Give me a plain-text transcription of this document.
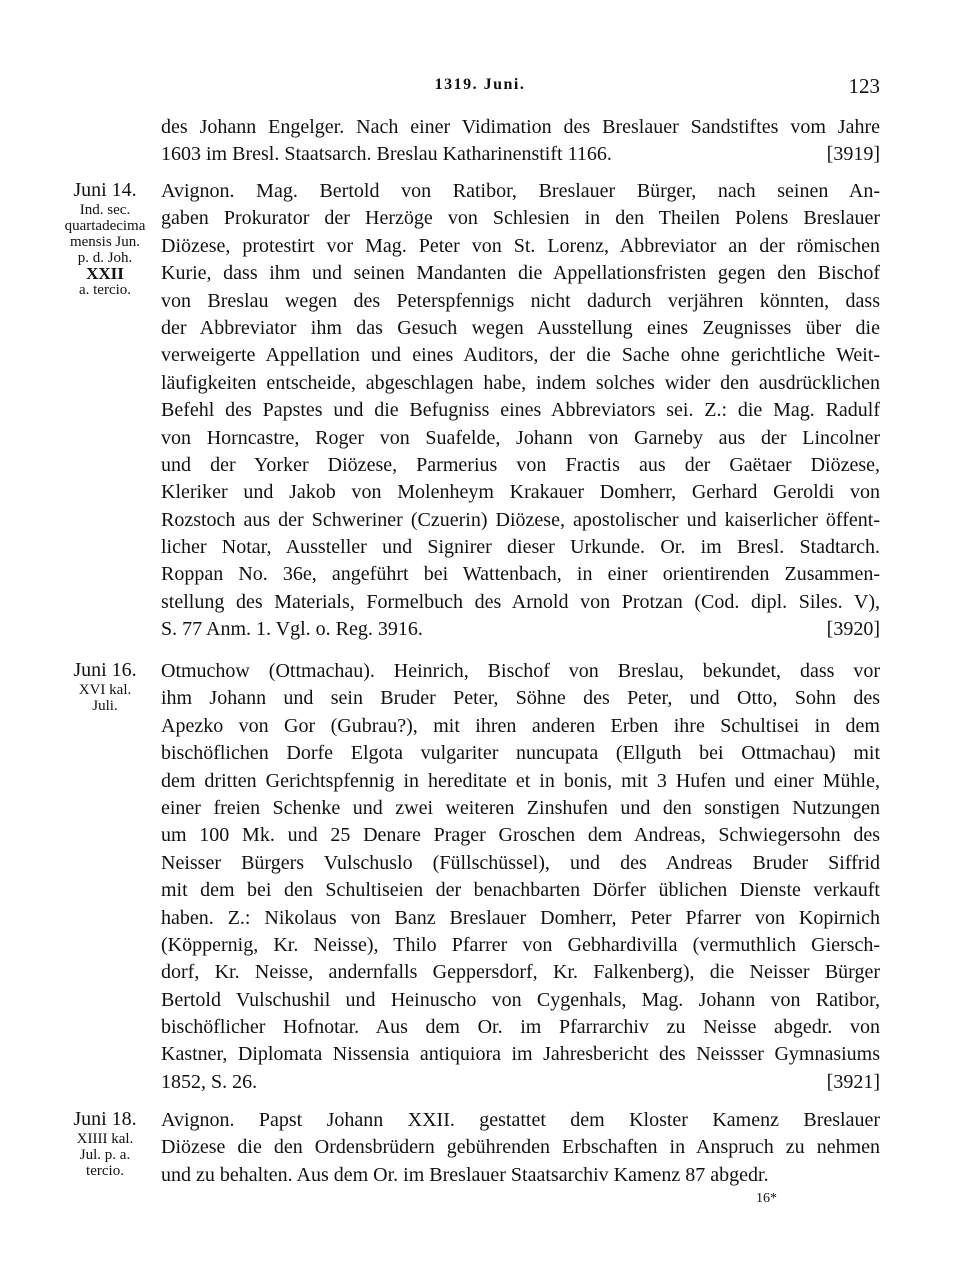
1319. Juni.	123
des Johann Engelger. Nach einer Vidimation des Breslauer Sandstiftes vom Jahre
1603 im Bresl. Staatsarch. Breslau Katharinenstift 1166.	[3919]
Juni 14.
Ind. sec.
quartadecima
mensis Jun.
p. d. Joh.
XXII
a. tercio.
Avignon. Mag. Bertold von Ratibor, Breslauer Bürger, nach seinen An-
gaben Prokurator der Herzöge von Schlesien in den Theilen Polens Breslauer
Diözese, protestirt vor Mag. Peter von St. Lorenz, Abbreviator an der römischen
Kurie, dass ihm und seinen Mandanten die Appellationsfristen gegen den Bischof
von Breslau wegen des Peterspfennigs nicht dadurch verjähren könnten, dass
der Abbreviator ihm das Gesuch wegen Ausstellung eines Zeugnisses über die
verweigerte Appellation und eines Auditors, der die Sache ohne gerichtliche Weit-
läufigkeiten entscheide, abgeschlagen habe, indem solches wider den ausdrücklichen
Befehl des Papstes und die Befugniss eines Abbreviators sei. Z.: die Mag. Radulf
von Horncastre, Roger von Suafelde, Johann von Garneby aus der Lincolner
und der Yorker Diözese, Parmerius von Fractis aus der Gaëtaer Diözese,
Kleriker und Jakob von Molenheym Krakauer Domherr, Gerhard Geroldi von
Rozstoch aus der Schweriner (Czuerin) Diözese, apostolischer und kaiserlicher öffent-
licher Notar, Aussteller und Signirer dieser Urkunde. Or. im Bresl. Stadtarch.
Roppan No. 36e, angeführt bei Wattenbach, in einer orientirenden Zusammen-
stellung des Materials, Formelbuch des Arnold von Protzan (Cod. dipl. Siles. V),
S. 77 Anm. 1. Vgl. o. Reg. 3916.	[3920]
Juni 16.
XVI kal.
Juli.
Otmuchow (Ottmachau). Heinrich, Bischof von Breslau, bekundet, dass vor
ihm Johann und sein Bruder Peter, Söhne des Peter, und Otto, Sohn des
Apezko von Gor (Gubrau?), mit ihren anderen Erben ihre Schultisei in dem
bischöflichen Dorfe Elgota vulgariter nuncupata (Ellguth bei Ottmachau) mit
dem dritten Gerichtspfennig in hereditate et in bonis, mit 3 Hufen und einer Mühle,
einer freien Schenke und zwei weiteren Zinshufen und den sonstigen Nutzungen
um 100 Mk. und 25 Denare Prager Groschen dem Andreas, Schwiegersohn des
Neisser Bürgers Vulschuslo (Füllschüssel), und des Andreas Bruder Siffrid
mit dem bei den Schultiseien der benachbarten Dörfer üblichen Dienste verkauft
haben. Z.: Nikolaus von Banz Breslauer Domherr, Peter Pfarrer von Kopirnich
(Köppernig, Kr. Neisse), Thilo Pfarrer von Gebhardivilla (vermuthlich Giersch-
dorf, Kr. Neisse, andernfalls Geppersdorf, Kr. Falkenberg), die Neisser Bürger
Bertold Vulschushil und Heinuscho von Cygenhals, Mag. Johann von Ratibor,
bischöflicher Hofnotar. Aus dem Or. im Pfarrarchiv zu Neisse abgedr. von
Kastner, Diplomata Nissensia antiquiora im Jahresbericht des Neissser Gymnasiums
1852, S. 26.	[3921]
Juni 18.
XIIII kal.
Jul. p. a.
tercio.
Avignon. Papst Johann XXII. gestattet dem Kloster Kamenz Breslauer
Diözese die den Ordensbrüdern gebührenden Erbschaften in Anspruch zu nehmen
und zu behalten. Aus dem Or. im Breslauer Staatsarchiv Kamenz 87 abgedr.
16*
